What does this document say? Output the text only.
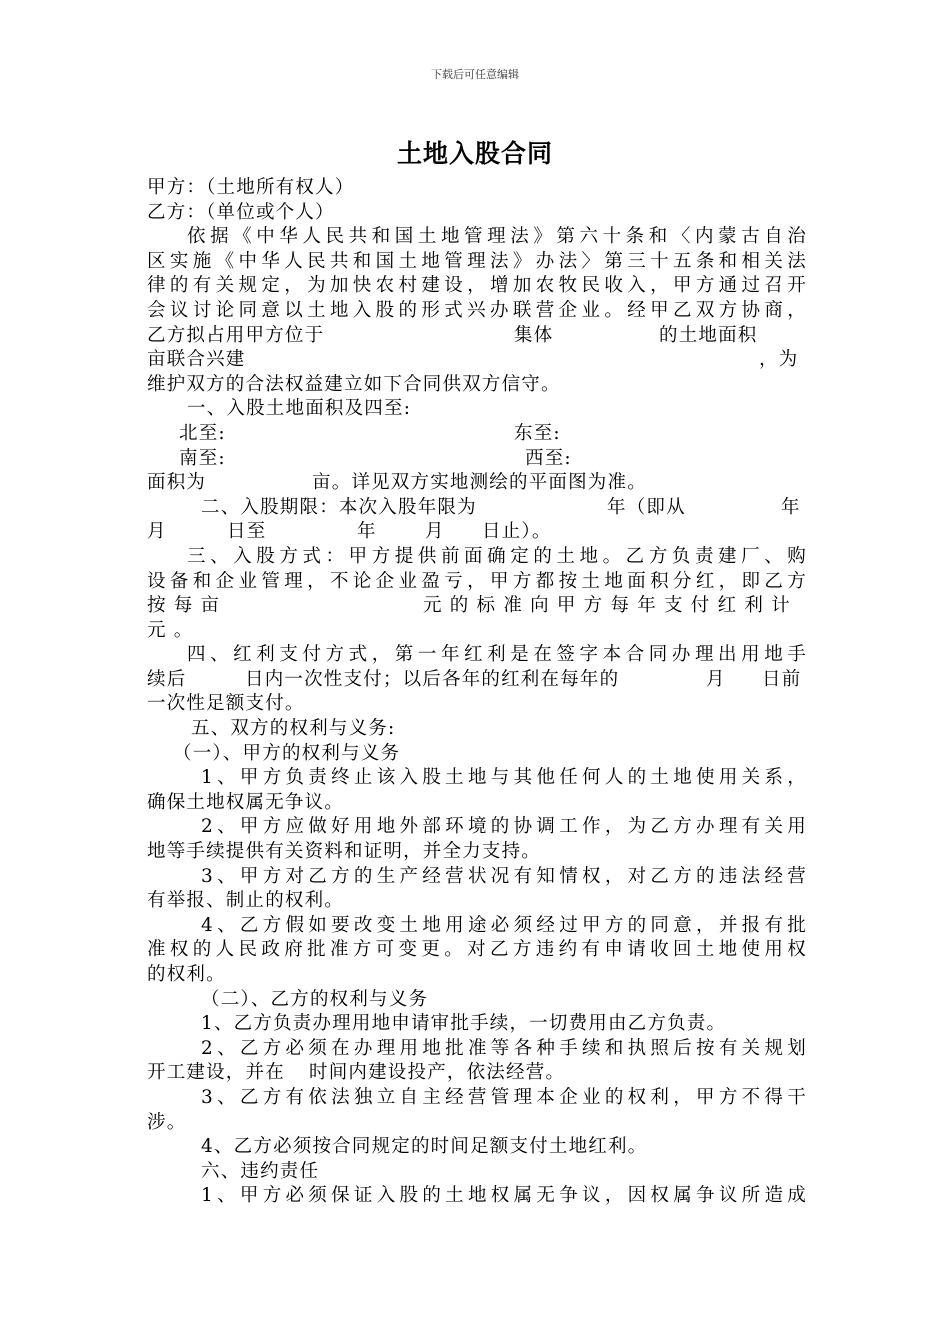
下载后可任意编辑
土地入股合同
甲方：（土地所有权人）
乙方：（单位或个人）
依据《中华人民共和国土地管理法》第六十条和〈内蒙古自治
区实施《中华人民共和国土地管理法》办法〉第三十五条和相关法
律的有关规定，为加快农村建设，增加农牧民收入，甲方通过召开
会议讨论同意以土地入股的形式兴办联营企业。经甲乙双方协商，
乙方拟占用甲方位于	集体	的土地面积
亩联合兴建	，为
维护双方的合法权益建立如下合同供双方信守。
一、入股土地面积及四至:
北至:	东至:
南至:	西至:
面积为	亩。详见双方实地测绘的平面图为准。
二、入股期限：本次入股年限为	年（即从	年
月	日至	年	月 日止）。
三、入股方式：甲方提供前面确定的土地。乙方负责建厂、购
设备和企业管理，不论企业盈亏，甲方都按土地面积分红，即乙方
按 每 亩	元 的 标 准 向 甲 方 每 年 支 付 红 利 计
元 。
四、红利支付方式，第一年红利是在签字本合同办理出用地手
续后	日内一次性支付；以后各年的红利在每年的	月 日前
一次性足额支付。
五、双方的权利与义务:
（一）、甲方的权利与义务
1、甲方负责终止该入股土地与其他任何人的土地使用关系，
确保土地权属无争议。
2、甲方应做好用地外部环境的协调工作，为乙方办理有关用
地等手续提供有关资料和证明，并全力支持。
3、甲方对乙方的生产经营状况有知情权，对乙方的违法经营
有举报、制止的权利。
4、乙方假如要改变土地用途必须经过甲方的同意，并报有批
准权的人民政府批准方可变更。对乙方违约有申请收回土地使用权
的权利。
（二）、乙方的权利与义务
1、乙方负责办理用地申请审批手续，一切费用由乙方负责。
2、乙方必须在办理用地批准等各种手续和执照后按有关规划
开工建设，并在 时间内建设投产，依法经营。
3、乙方有依法独立自主经营管理本企业的权利，甲方不得干
涉。
4、乙方必须按合同规定的时间足额支付土地红利。
六、违约责任
1、甲方必须保证入股的土地权属无争议，因权属争议所造成
